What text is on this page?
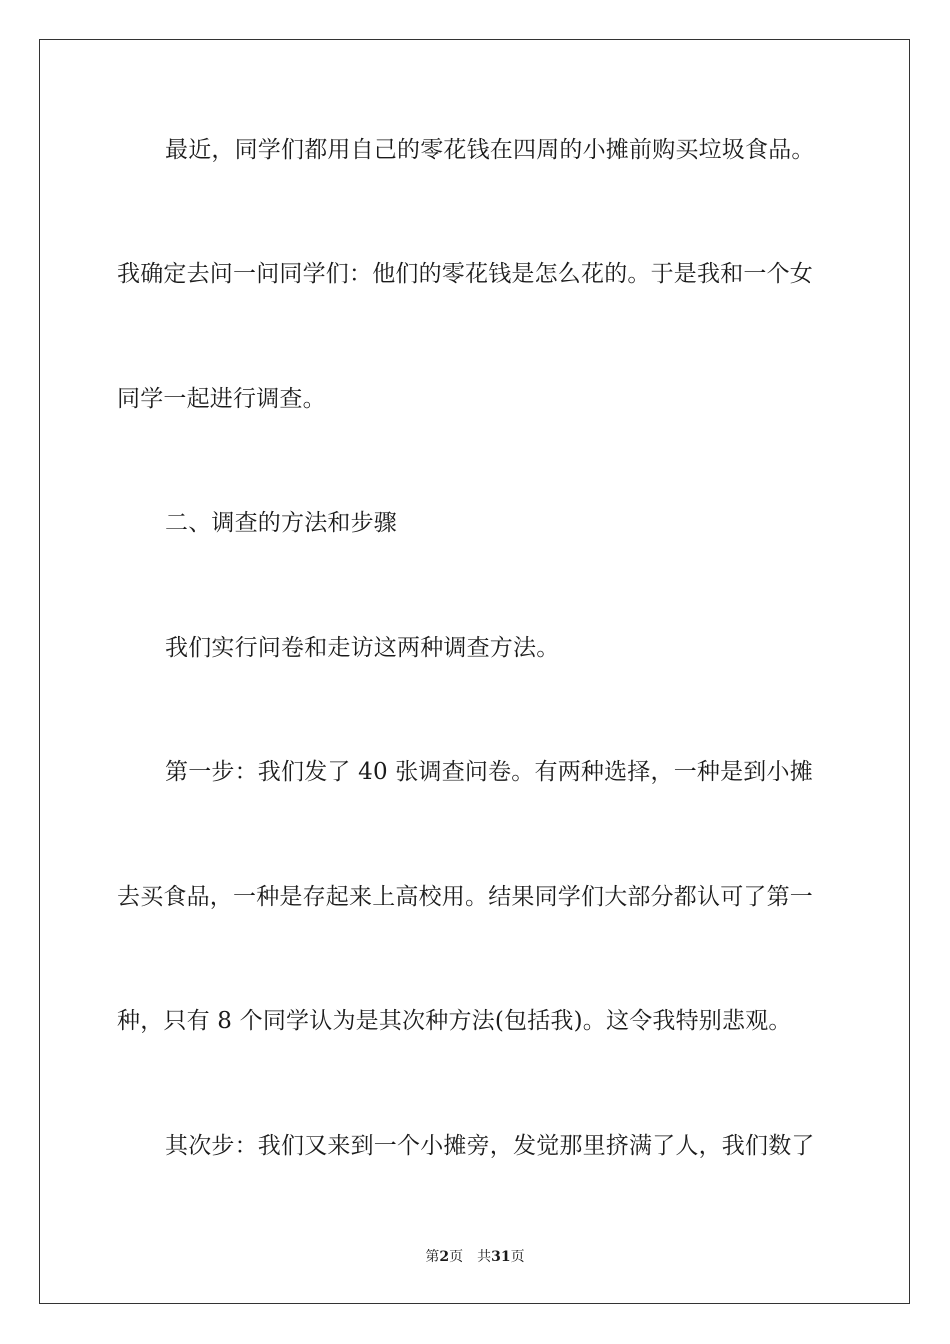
最近，同学们都用自己的零花钱在四周的小摊前购买垃圾食品。

我确定去问一问同学们：他们的零花钱是怎么花的。于是我和一个女

同学一起进行调查。

二、调查的方法和步骤

我们实行问卷和走访这两种调查方法。

第一步：我们发了 40 张调查问卷。有两种选择，一种是到小摊

去买食品，一种是存起来上高校用。结果同学们大部分都认可了第一

种，只有 8 个同学认为是其次种方法(包括我)。这令我特别悲观。

其次步：我们又来到一个小摊旁，发觉那里挤满了人，我们数了

第2页 共31页
